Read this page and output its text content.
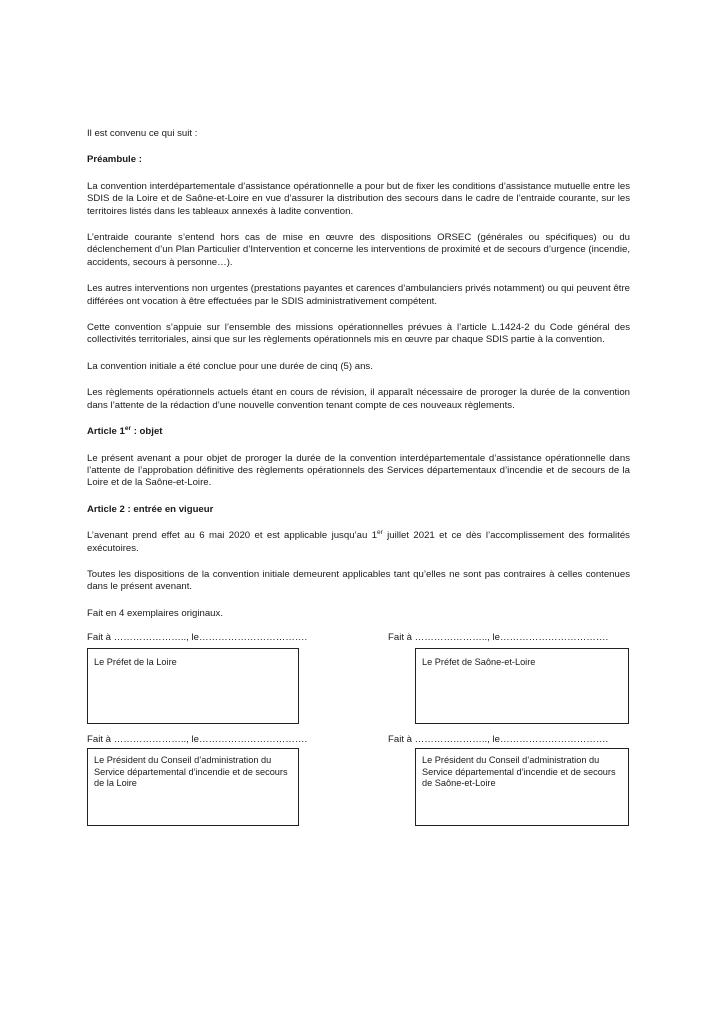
Il est convenu ce qui suit :

Préambule :

La convention interdépartementale d’assistance opérationnelle a pour but de fixer les conditions d’assistance mutuelle entre les SDIS de la Loire et de Saône-et-Loire en vue d’assurer la distribution des secours dans le cadre de l’entraide courante, sur les territoires listés dans les tableaux annexés à ladite convention.

L’entraide courante s’entend hors cas de mise en œuvre des dispositions ORSEC (générales ou spécifiques) ou du déclenchement d’un Plan Particulier d’Intervention et concerne les interventions de proximité et de secours d’urgence (incendie, accidents, secours à personne…).

Les autres interventions non urgentes (prestations payantes et carences d’ambulanciers privés notamment) ou qui peuvent être différées ont vocation à être effectuées par le SDIS administrativement compétent.

Cette convention s’appuie sur l’ensemble des missions opérationnelles prévues à l’article L.1424-2 du Code général des collectivités territoriales, ainsi que sur les règlements opérationnels mis en œuvre par chaque SDIS partie à la convention.

La convention initiale a été conclue pour une durée de cinq (5) ans.

Les règlements opérationnels actuels étant en cours de révision, il apparaît nécessaire de proroger la durée de la convention dans l’attente de la rédaction d’une nouvelle convention tenant compte de ces nouveaux règlements.

Article 1er : objet

Le présent avenant a pour objet de proroger la durée de la convention interdépartementale d’assistance opérationnelle dans l’attente de l’approbation définitive des règlements opérationnels des Services départementaux d’incendie et de secours de la Loire et de la Saône-et-Loire.

Article 2 : entrée en vigueur

L’avenant prend effet au 6 mai 2020 et est applicable jusqu’au 1er juillet 2021 et ce dès l’accomplissement des formalités exécutoires.

Toutes les dispositions de la convention initiale demeurent applicables tant qu’elles ne sont pas contraires à celles contenues dans le présent avenant.

Fait en 4 exemplaires originaux.

Fait à ………………….., le…………………………….	Fait à ………………….., le…………………………….
Le Préfet de la Loire	Le Préfet de Saône-et-Loire
Fait à ………………….., le…………………………….	Fait à ………………….., le…………………………….
Le Président du Conseil d’administration du Service départemental d’incendie et de secours de la Loire
Le Président du Conseil d’administration du Service départemental d’incendie et de secours de Saône-et-Loire
